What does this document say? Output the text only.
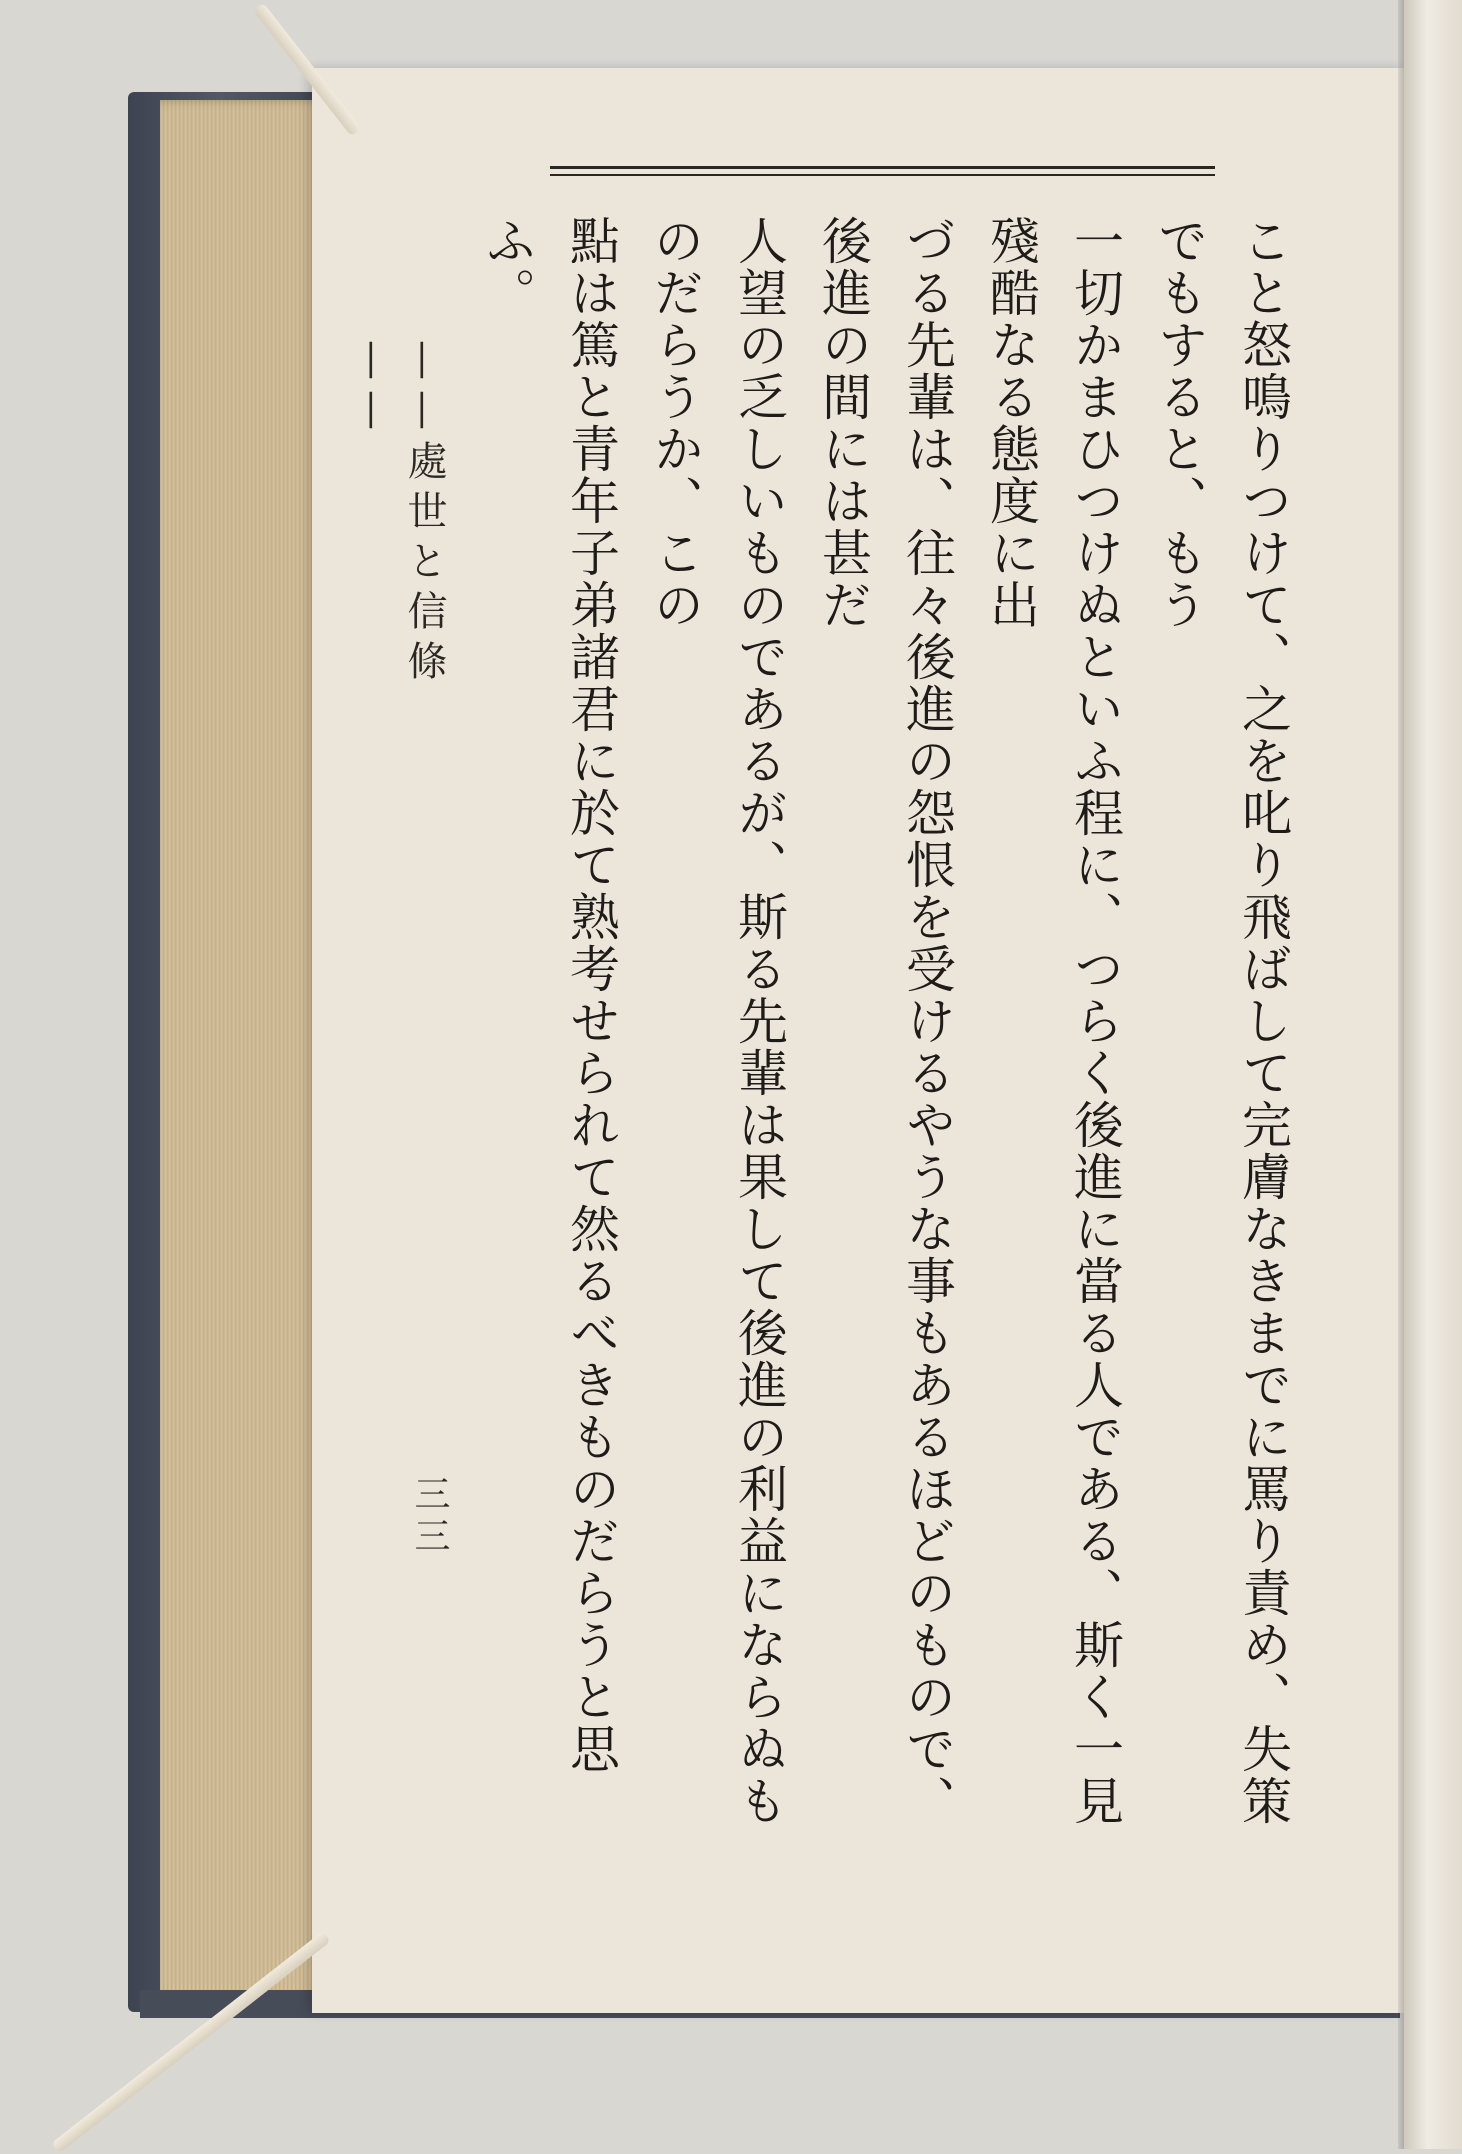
こと怒鳴りつけて、之を叱り飛ばして完膚なきまでに罵り責め、失策でもすると、もう
一切かまひつけぬといふ程に、つらく後進に當る人である、斯く一見殘酷なる態度に出
づる先輩は、往々後進の怨恨を受けるやうな事もあるほどのもので、後進の間には甚だ
人望の乏しいものであるが、斯る先輩は果して後進の利益にならぬものだらうか、この
點は篤と青年子弟諸君に於て熟考せられて然るべきものだらうと思ふ。
——處世と信條——
三三
